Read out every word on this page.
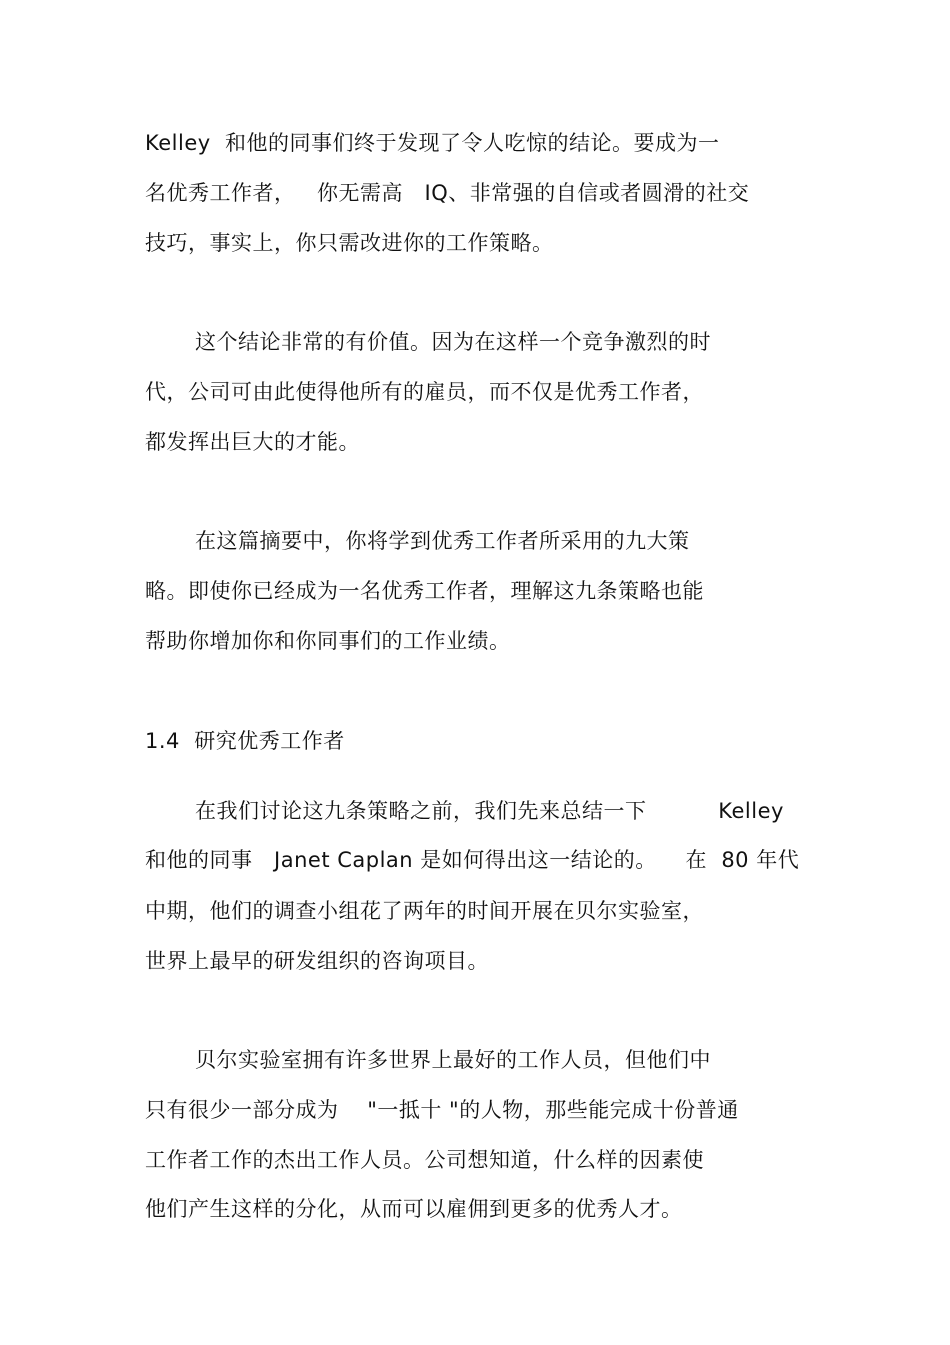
Kelley  和他的同事们终于发现了令人吃惊的结论。要成为一
名优秀工作者，   你无需高   IQ、非常强的自信或者圆滑的社交
技巧，事实上，你只需改进你的工作策略。
这个结论非常的有价值。因为在这样一个竞争激烈的时
代，公司可由此使得他所有的雇员，而不仅是优秀工作者，
都发挥出巨大的才能。
在这篇摘要中，你将学到优秀工作者所采用的九大策
略。即使你已经成为一名优秀工作者，理解这九条策略也能
帮助你增加你和你同事们的工作业绩。
1.4  研究优秀工作者
在我们讨论这九条策略之前，我们先来总结一下          Kelley
和他的同事   Janet Caplan 是如何得出这一结论的。    在  80 年代
中期，他们的调查小组花了两年的时间开展在贝尔实验室，
世界上最早的研发组织的咨询项目。
贝尔实验室拥有许多世界上最好的工作人员，但他们中
只有很少一部分成为    "一抵十 "的人物，那些能完成十份普通
工作者工作的杰出工作人员。公司想知道，什么样的因素使
他们产生这样的分化，从而可以雇佣到更多的优秀人才。
